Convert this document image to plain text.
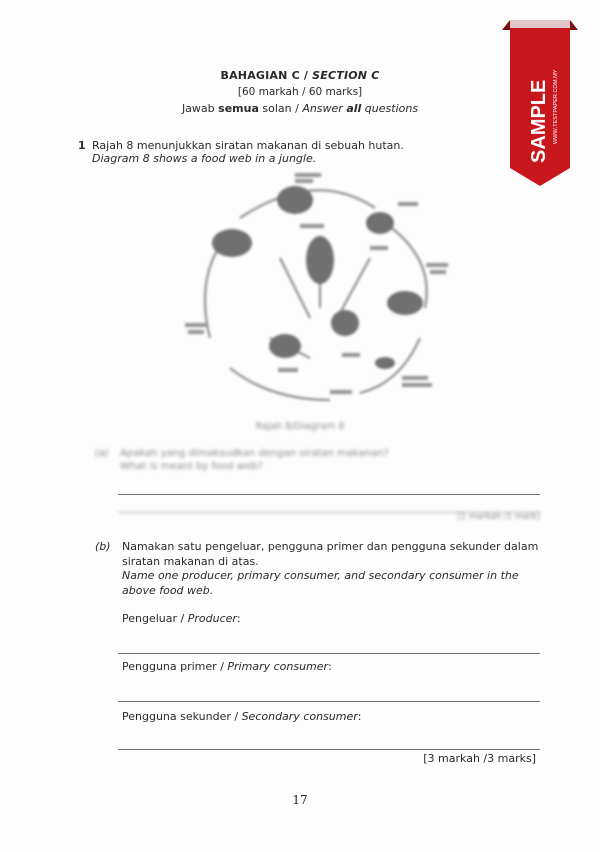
BAHAGIAN C / SECTION C
[60 markah / 60 marks]
Jawab semua solan / Answer all questions
1 Rajah 8 menunjukkan siratan makanan di sebuah hutan.
Diagram 8 shows a food web in a jungle.
Rajah 8/Diagram 8
(a) Apakah yang dimaksudkan dengan siratan makanan?
What is meant by food web?
[1 markah /1 mark]
(b) Namakan satu pengeluar, pengguna primer dan pengguna sekunder dalam siratan makanan di atas.
Name one producer, primary consumer, and secondary consumer in the above food web.
Pengeluar / Producer:
Pengguna primer / Primary consumer:
Pengguna sekunder / Secondary consumer:
[3 markah /3 marks]
17
SAMPLE WWW.TESTPAPER.COM.MY
